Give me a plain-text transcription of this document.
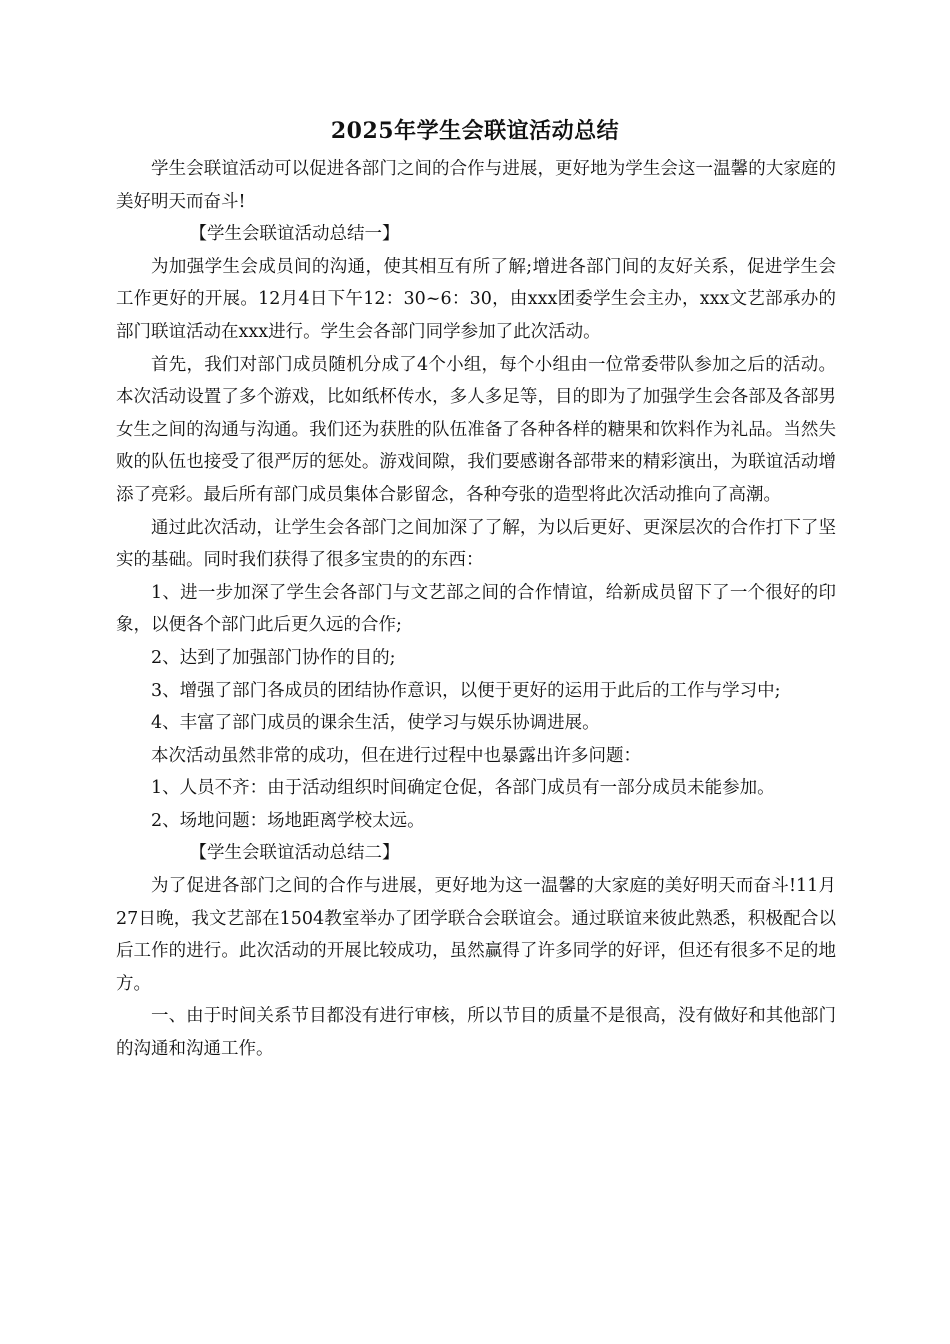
2025年学生会联谊活动总结

学生会联谊活动可以促进各部门之间的合作与进展，更好地为学生会这一温馨的大家庭的美好明天而奋斗!

【学生会联谊活动总结一】

为加强学生会成员间的沟通，使其相互有所了解;增进各部门间的友好关系，促进学生会工作更好的开展。12月4日下午12：30~6：30，由xxx团委学生会主办，xxx文艺部承办的部门联谊活动在xxx进行。学生会各部门同学参加了此次活动。

首先，我们对部门成员随机分成了4个小组，每个小组由一位常委带队参加之后的活动。本次活动设置了多个游戏，比如纸杯传水，多人多足等，目的即为了加强学生会各部及各部男女生之间的沟通与沟通。我们还为获胜的队伍准备了各种各样的糖果和饮料作为礼品。当然失败的队伍也接受了很严厉的惩处。游戏间隙，我们要感谢各部带来的精彩演出，为联谊活动增添了亮彩。最后所有部门成员集体合影留念，各种夸张的造型将此次活动推向了高潮。

通过此次活动，让学生会各部门之间加深了了解，为以后更好、更深层次的合作打下了坚实的基础。同时我们获得了很多宝贵的的东西：

1、进一步加深了学生会各部门与文艺部之间的合作情谊，给新成员留下了一个很好的印象，以便各个部门此后更久远的合作;

2、达到了加强部门协作的目的;

3、增强了部门各成员的团结协作意识，以便于更好的运用于此后的工作与学习中;

4、丰富了部门成员的课余生活，使学习与娱乐协调进展。

本次活动虽然非常的成功，但在进行过程中也暴露出许多问题：

1、人员不齐：由于活动组织时间确定仓促，各部门成员有一部分成员未能参加。

2、场地问题：场地距离学校太远。

【学生会联谊活动总结二】

为了促进各部门之间的合作与进展，更好地为这一温馨的大家庭的美好明天而奋斗!11月27日晚，我文艺部在1504教室举办了团学联合会联谊会。通过联谊来彼此熟悉，积极配合以后工作的进行。此次活动的开展比较成功，虽然赢得了许多同学的好评，但还有很多不足的地方。

一、由于时间关系节目都没有进行审核，所以节目的质量不是很高，没有做好和其他部门的沟通和沟通工作。
